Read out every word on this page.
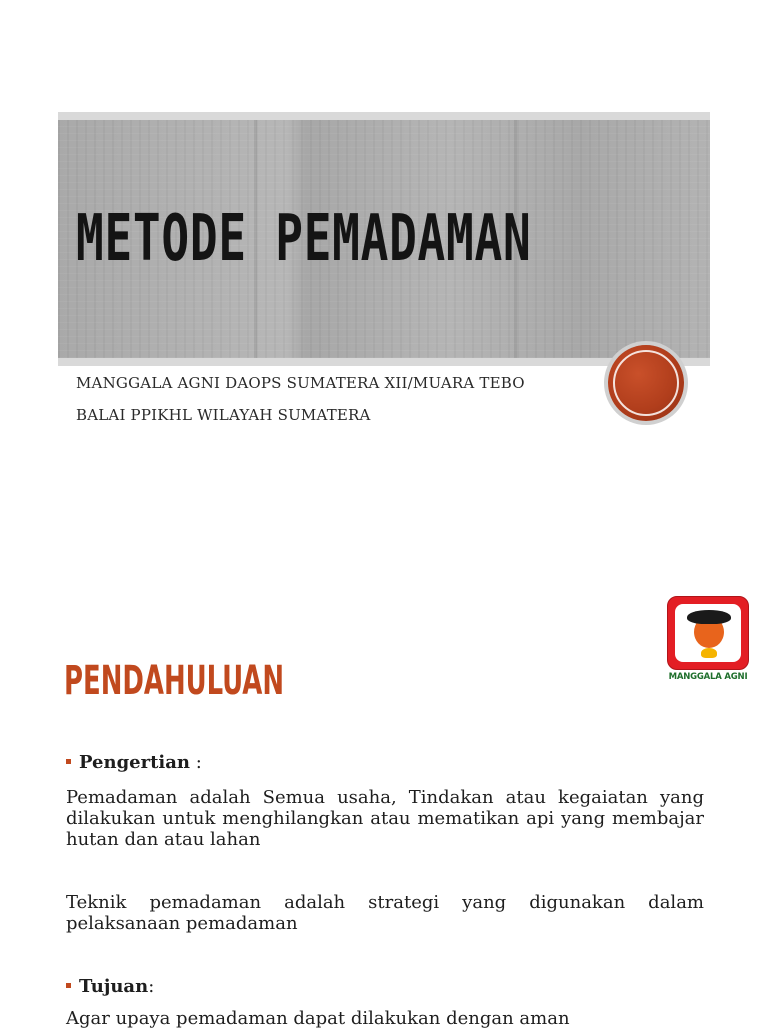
METODE PEMADAMAN
MANGGALA AGNI DAOPS SUMATERA XII/MUARA TEBO
BALAI PPIKHL WILAYAH SUMATERA
PENDAHULUAN	MANGGALA AGNI
Pengertian :

Pemadaman adalah Semua usaha, Tindakan atau kegaiatan yang dilakukan untuk menghilangkan atau mematikan api yang membajar hutan dan atau lahan

Teknik pemadaman adalah strategi yang digunakan dalam pelaksanaan pemadaman

Tujuan:

Agar upaya pemadaman dapat dilakukan dengan aman
